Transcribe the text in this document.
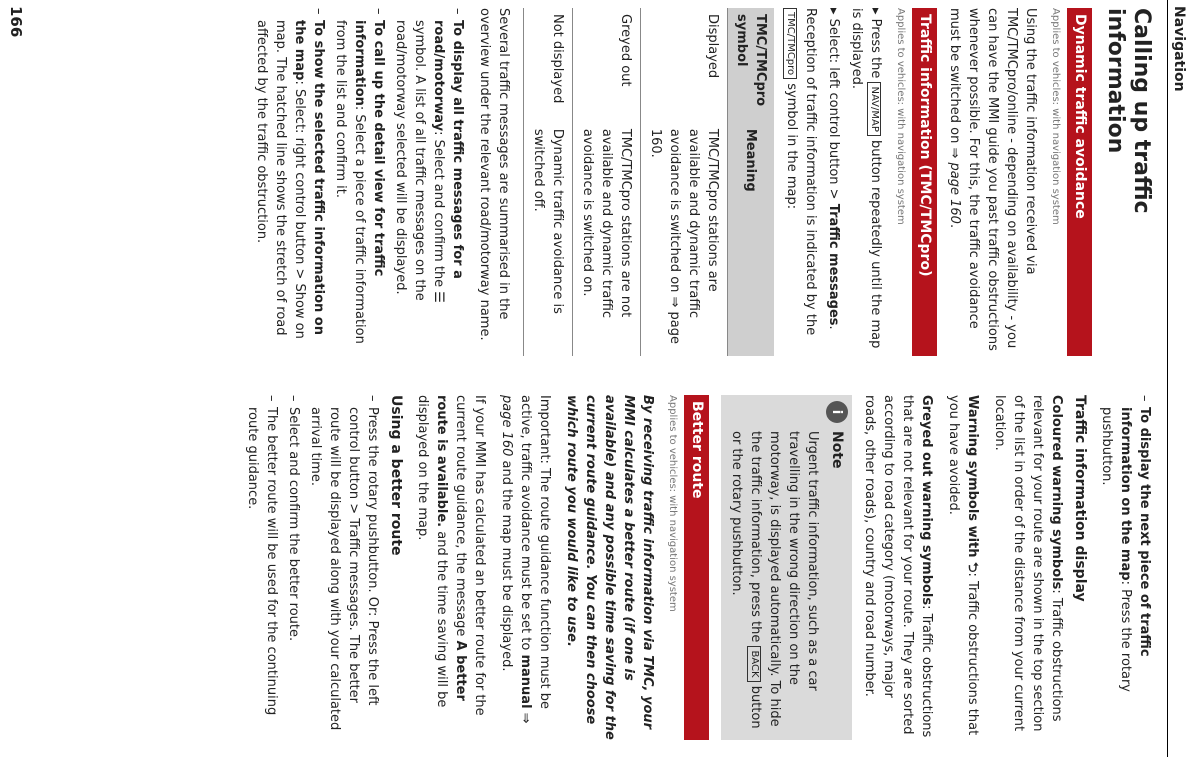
Navigation
Calling up traffic information
Dynamic traffic avoidance
Applies to vehicles: with navigation system

Using the traffic information received via TMC/TMCpro/online - depending on availability - you can have the MMI guide you past traffic obstructions whenever possible. For this, the traffic avoidance must be switched on ⇒ page 160.

Traffic information (TMC/TMCpro)
Applies to vehicles: with navigation system
▸ Press the NAV/MAP button repeatedly until the map is displayed.
▸ Select: left control button > Traffic messages.

Reception of traffic information is indicated by the TMC/TMCpro symbol in the map:

TMC/TMCpro symbol	Meaning
Displayed	TMC/TMCpro stations are available and dynamic traffic avoidance is switched on ⇒ page 160.
Greyed out	TMC/TMCpro stations are not available and dynamic traffic avoidance is switched on.
Not displayed	Dynamic traffic avoidance is switched off.

Several traffic messages are summarised in the overview under the relevant road/motorway name.

– To display all traffic messages for a road/motorway: Select and confirm the ☰ symbol. A list of all traffic messages on the road/motorway selected will be displayed.
– To call up the detail view for traffic information: Select a piece of traffic information from the list and confirm it.
– To show the selected traffic information on the map: Select: right control button > Show on map. The hatched line shows the stretch of road affected by the traffic obstruction.
– To display the next piece of traffic information on the map: Press the rotary pushbutton.
Traffic information display

Coloured warning symbols: Traffic obstructions relevant for your route are shown in the top section of the list in order of the distance from your current location.

Warning symbols with ⮌: Traffic obstructions that you have avoided.

Greyed out warning symbols: Traffic obstructions that are not relevant for your route. They are sorted according to road category (motorways, major roads, other roads), country and road number.

i
Note
Urgent traffic information, such as a car travelling in the wrong direction on the motorway, is displayed automatically. To hide the traffic information, press the BACK button or the rotary pushbutton.
Better route
Applies to vehicles: with navigation system

By receiving traffic information via TMC, your MMI calculates a better route (if one is available) and any possible time saving for the current route guidance. You can then choose which route you would like to use.

Important: The route guidance function must be active, traffic avoidance must be set to manual ⇒ page 160 and the map must be displayed.

If your MMI has calculated an better route for the current route guidance, the message A better route is available. and the time saving will be displayed on the map.

Using a better route
– Press the rotary pushbutton. Or: Press the left control button > Traffic messages. The better route will be displayed along with your calculated arrival time.
– Select and confirm the better route.
– The better route will be used for the continuing route guidance.
166
